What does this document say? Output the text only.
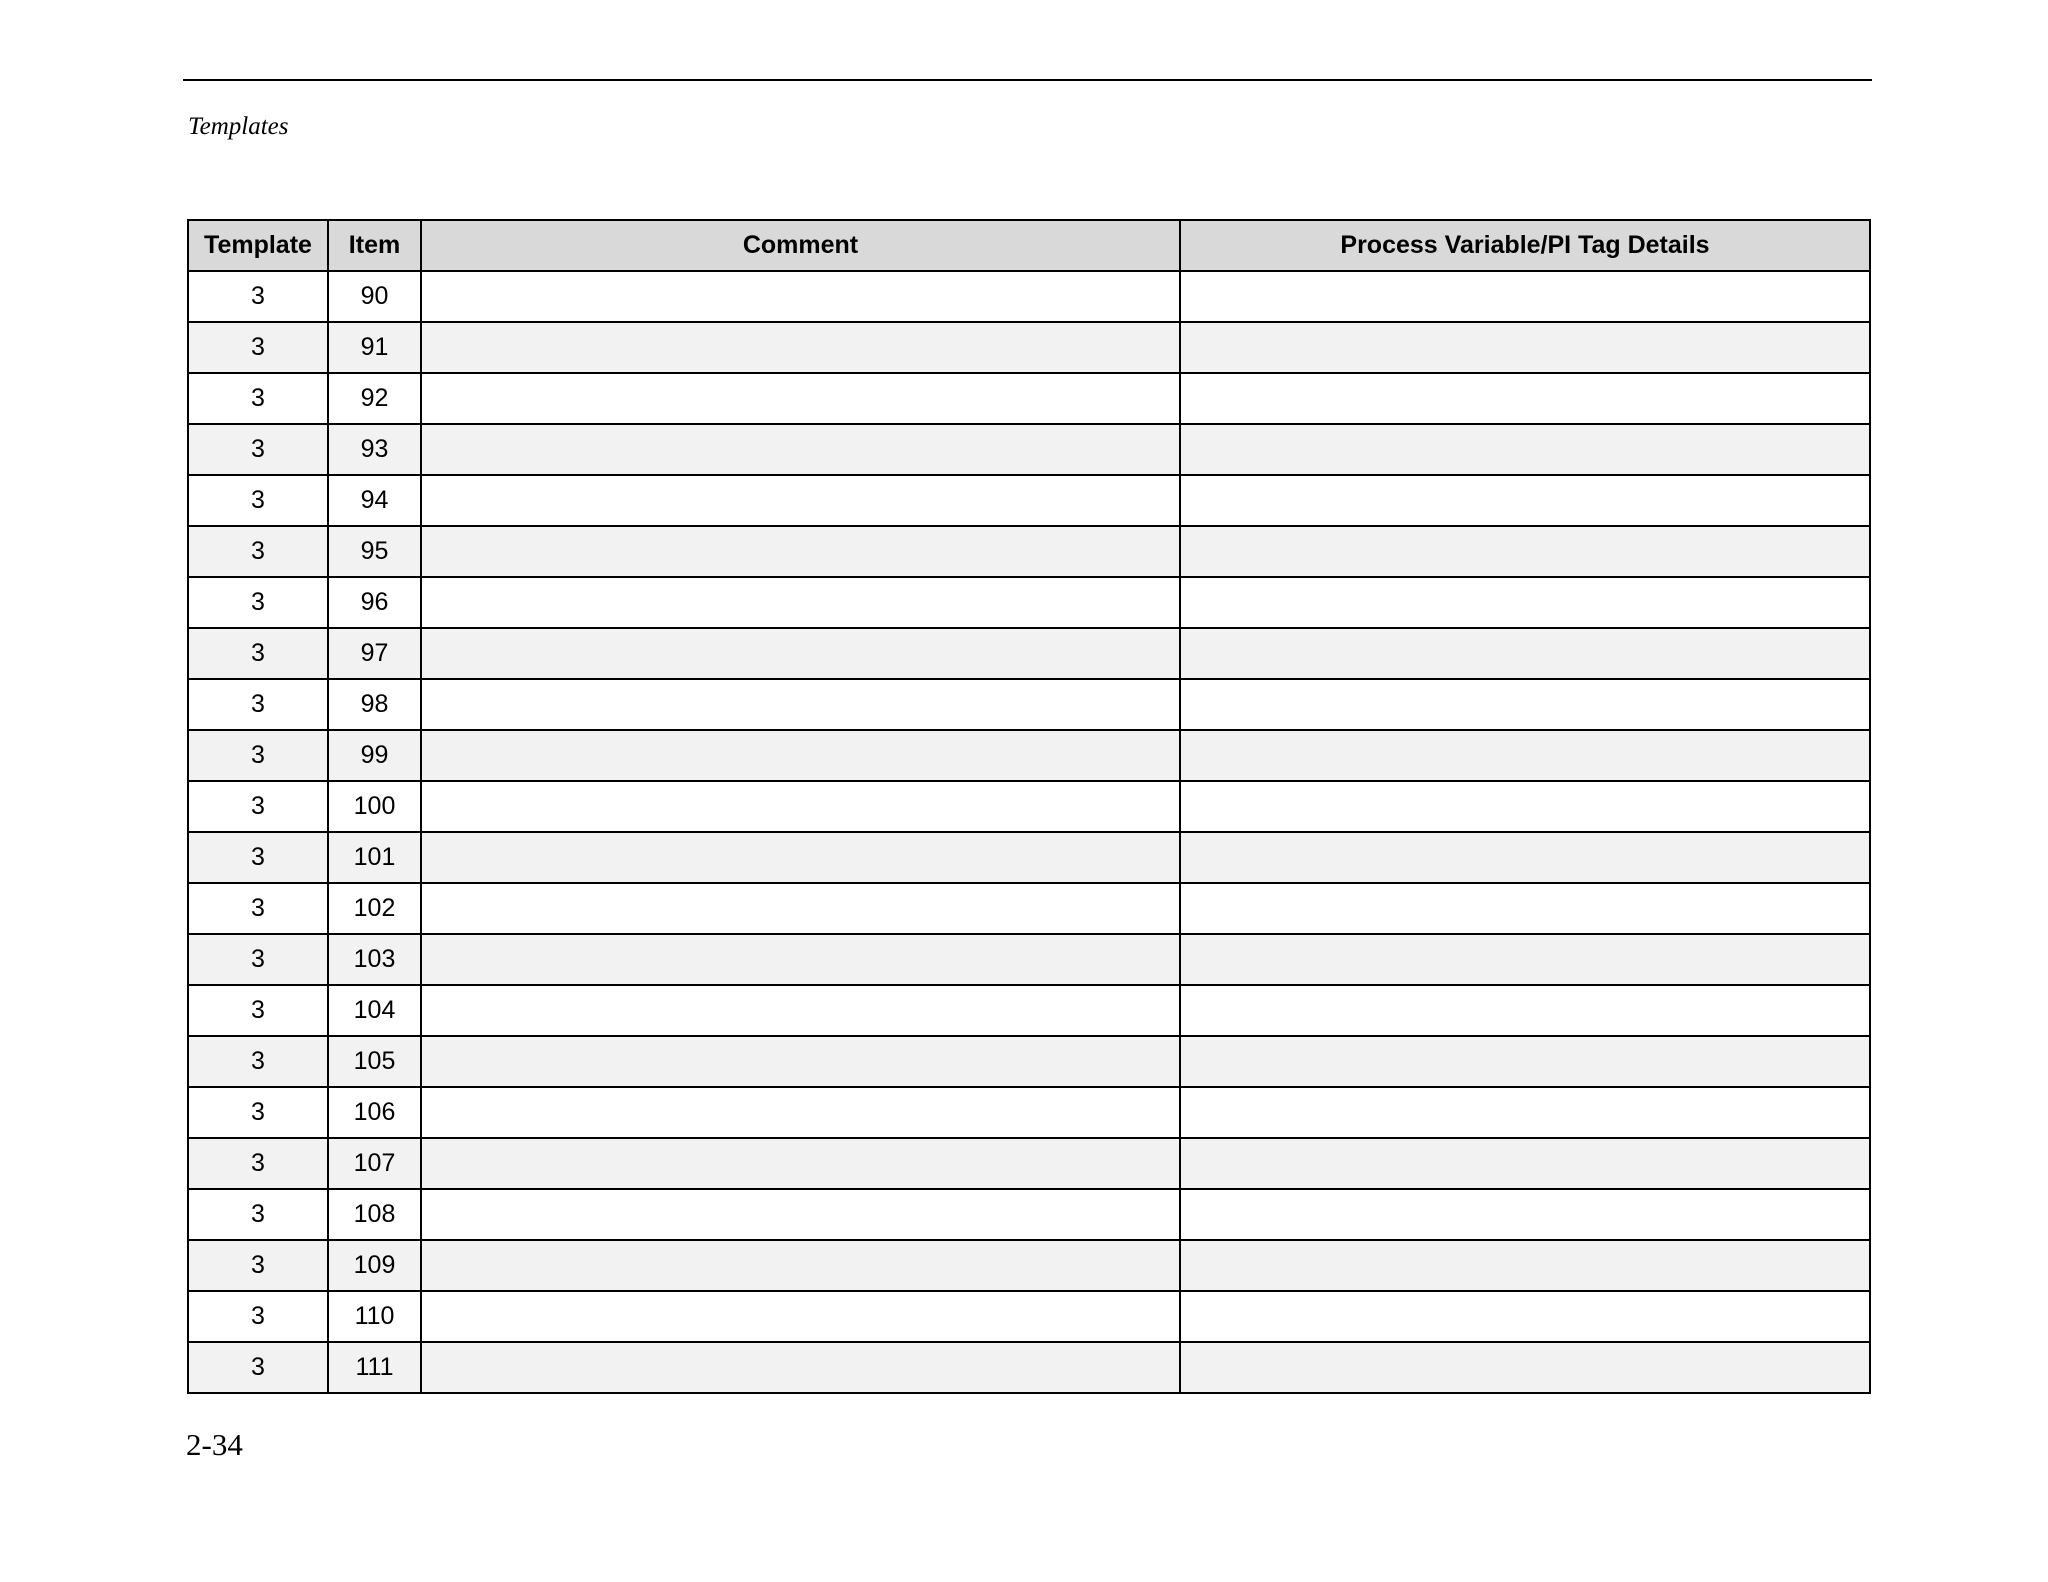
Templates
Template	Item	Comment	Process Variable/PI Tag Details
3	90		
3	91		
3	92		
3	93		
3	94		
3	95		
3	96		
3	97		
3	98		
3	99		
3	100		
3	101		
3	102		
3	103		
3	104		
3	105		
3	106		
3	107		
3	108		
3	109		
3	110		
3	111		
2-34
